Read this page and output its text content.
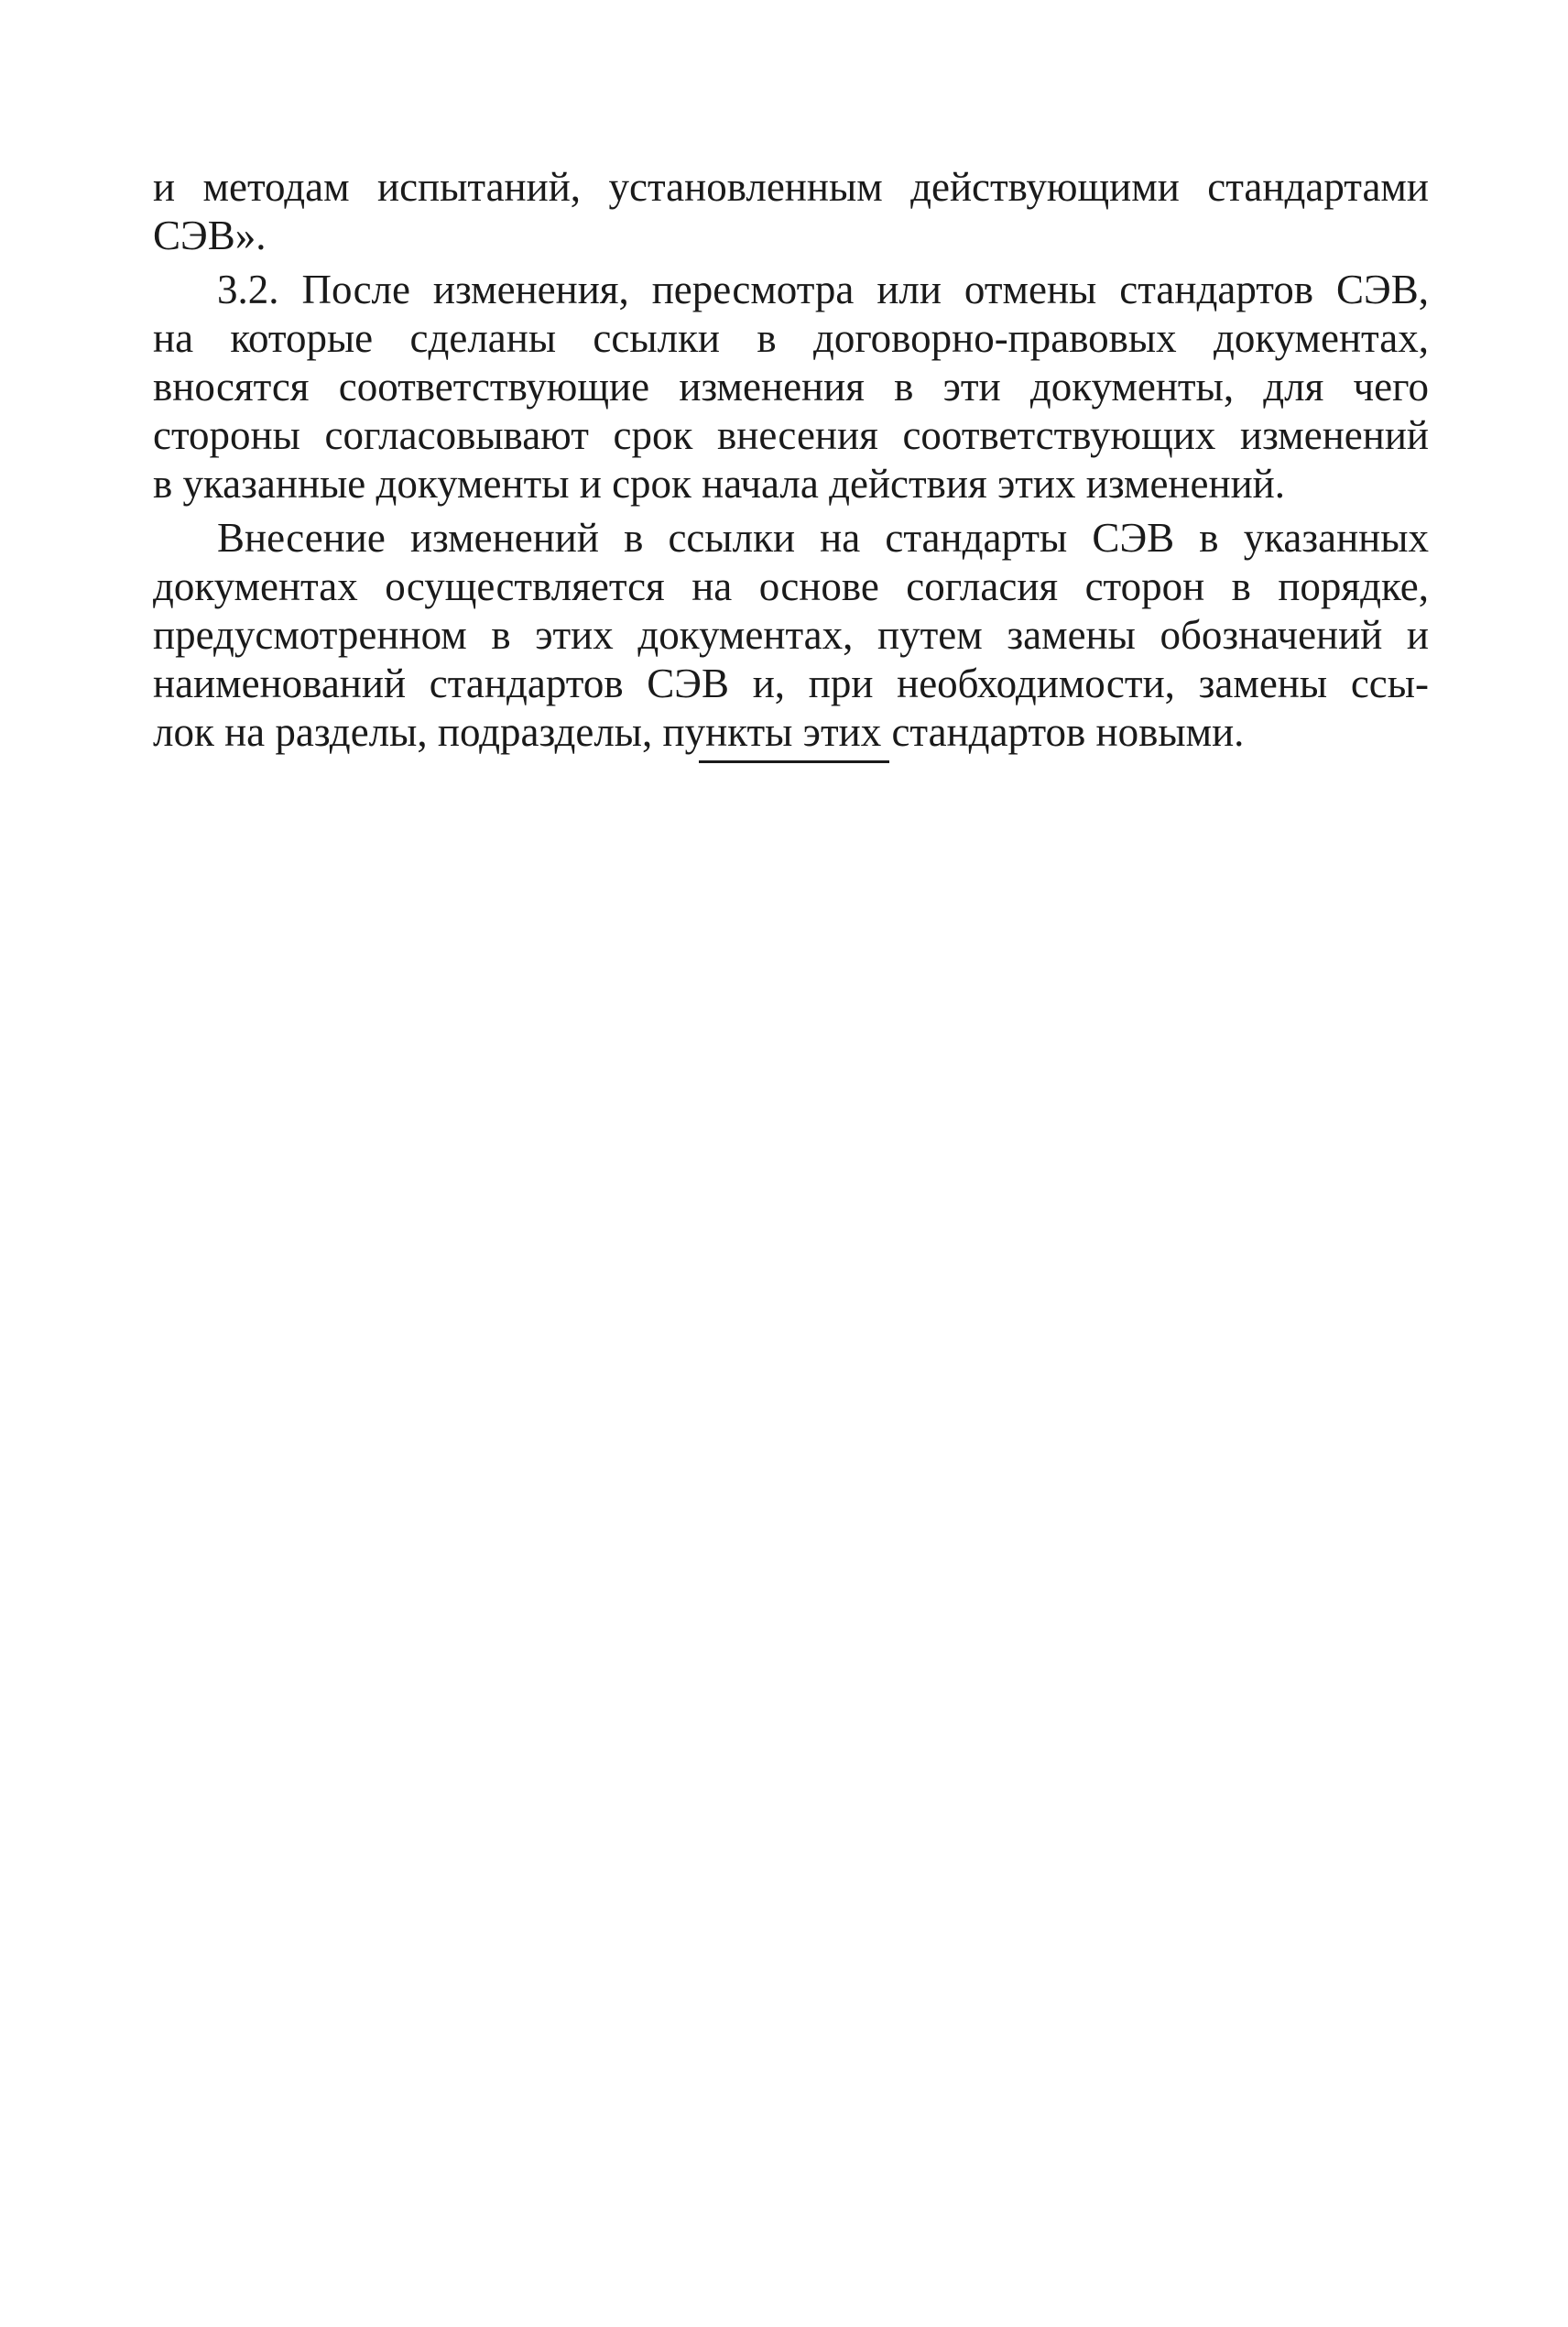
и методам испытаний, установленным действующими стандартами
СЭВ».
3.2. После изменения, пересмотра или отмены стандартов СЭВ,
на которые сделаны ссылки в договорно-правовых документах,
вносятся соответствующие изменения в эти документы, для чего
стороны согласовывают срок внесения соответствующих изменений
в указанные документы и срок начала действия этих изменений.
Внесение изменений в ссылки на стандарты СЭВ в указанных
документах осуществляется на основе согласия сторон в порядке,
предусмотренном в этих документах, путем замены обозначений и
наименований стандартов СЭВ и, при необходимости, замены ссы-
лок на разделы, подразделы, пункты этих стандартов новыми.
